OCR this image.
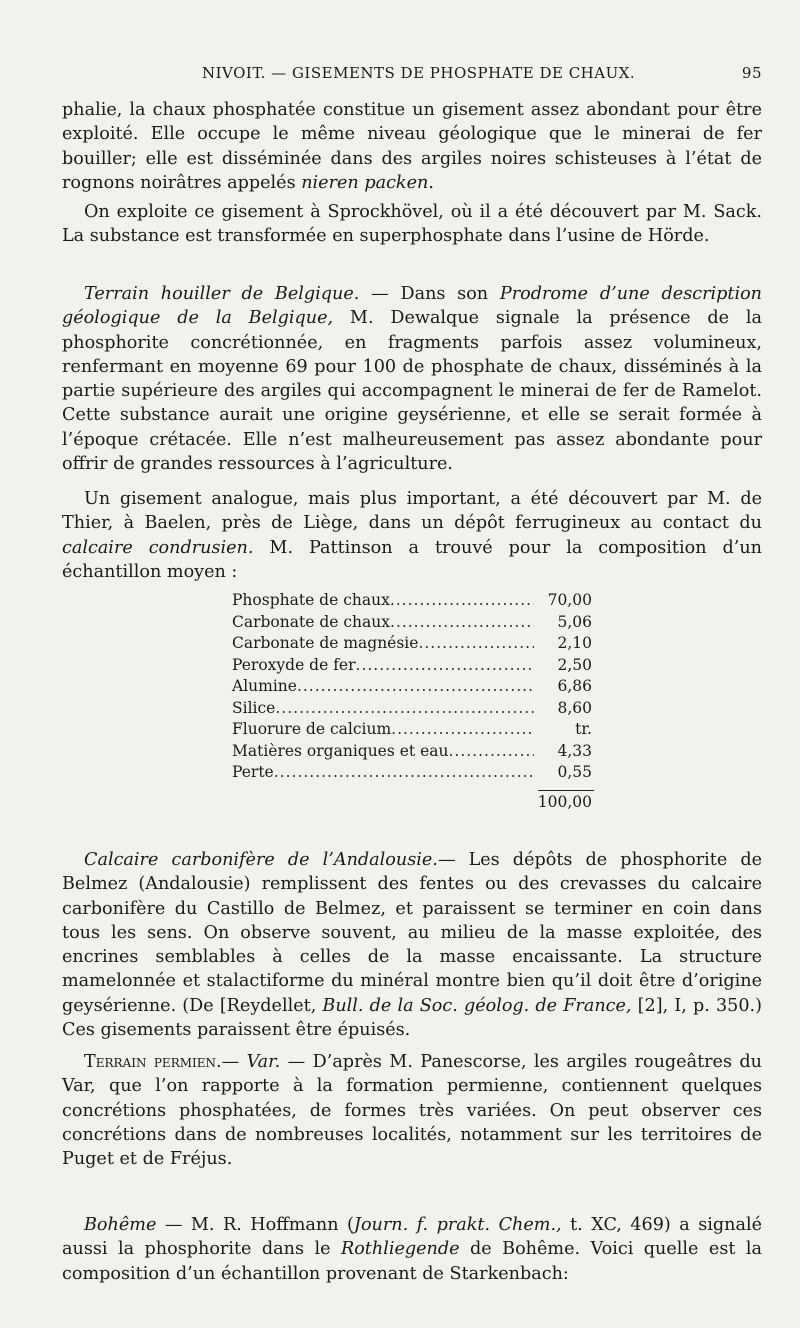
NIVOIT. — GISEMENTS DE PHOSPHATE DE CHAUX.	95

phalie, la chaux phosphatée constitue un gisement assez abondant pour être exploité. Elle occupe le même niveau géologique que le minerai de fer bouiller; elle est disséminée dans des argiles noires schisteuses à l’état de rognons noirâtres appelés nieren packen.

On exploite ce gisement à Sprockhövel, où il a été découvert par M. Sack. La substance est transformée en superphosphate dans l’usine de Hörde.

Terrain houiller de Belgique. — Dans son Prodrome d’une description géologique de la Belgique, M. Dewalque signale la présence de la phosphorite concrétionnée, en fragments parfois assez volumineux, renfermant en moyenne 69 pour 100 de phosphate de chaux, disséminés à la partie supérieure des argiles qui accompagnent le minerai de fer de Ramelot. Cette substance aurait une origine geysérienne, et elle se serait formée à l’époque crétacée. Elle n’est malheureusement pas assez abondante pour offrir de grandes ressources à l’agriculture.

Un gisement analogue, mais plus important, a été découvert par M. de Thier, à Baelen, près de Liège, dans un dépôt ferrugineux au contact du calcaire condrusien. M. Pattinson a trouvé pour la composition d’un échantillon moyen :

Phosphate de chaux .....	70,00
Carbonate de chaux .....	5,06
Carbonate de magnésie .....	2,10
Peroxyde de fer .....	2,50
Alumine .....	6,86
Silice .....	8,60
Fluorure de calcium .....	tr.
Matières organiques et eau .....	4,33
Perte .....	0,55
100,00

Calcaire carbonifère de l’Andalousie.— Les dépôts de phosphorite de Belmez (Andalousie) remplissent des fentes ou des crevasses du calcaire carbonifère du Castillo de Belmez, et paraissent se terminer en coin dans tous les sens. On observe souvent, au milieu de la masse exploitée, des encrines semblables à celles de la masse encaissante. La structure mamelonnée et stalactiforme du minéral montre bien qu’il doit être d’origine geysérienne. (De [Reydellet, Bull. de la Soc. géolog. de France, [2], I, p. 350.) Ces gisements paraissent être épuisés.

Terrain permien.— Var. — D’après M. Panescorse, les argiles rougeâtres du Var, que l’on rapporte à la formation permienne, contiennent quelques concrétions phosphatées, de formes très variées. On peut observer ces concrétions dans de nombreuses localités, notamment sur les territoires de Puget et de Fréjus.

Bohême — M. R. Hoffmann (Journ. f. prakt. Chem., t. XC, 469) a signalé aussi la phosphorite dans le Rothliegende de Bohême. Voici quelle est la composition d’un échantillon provenant de Starkenbach:
